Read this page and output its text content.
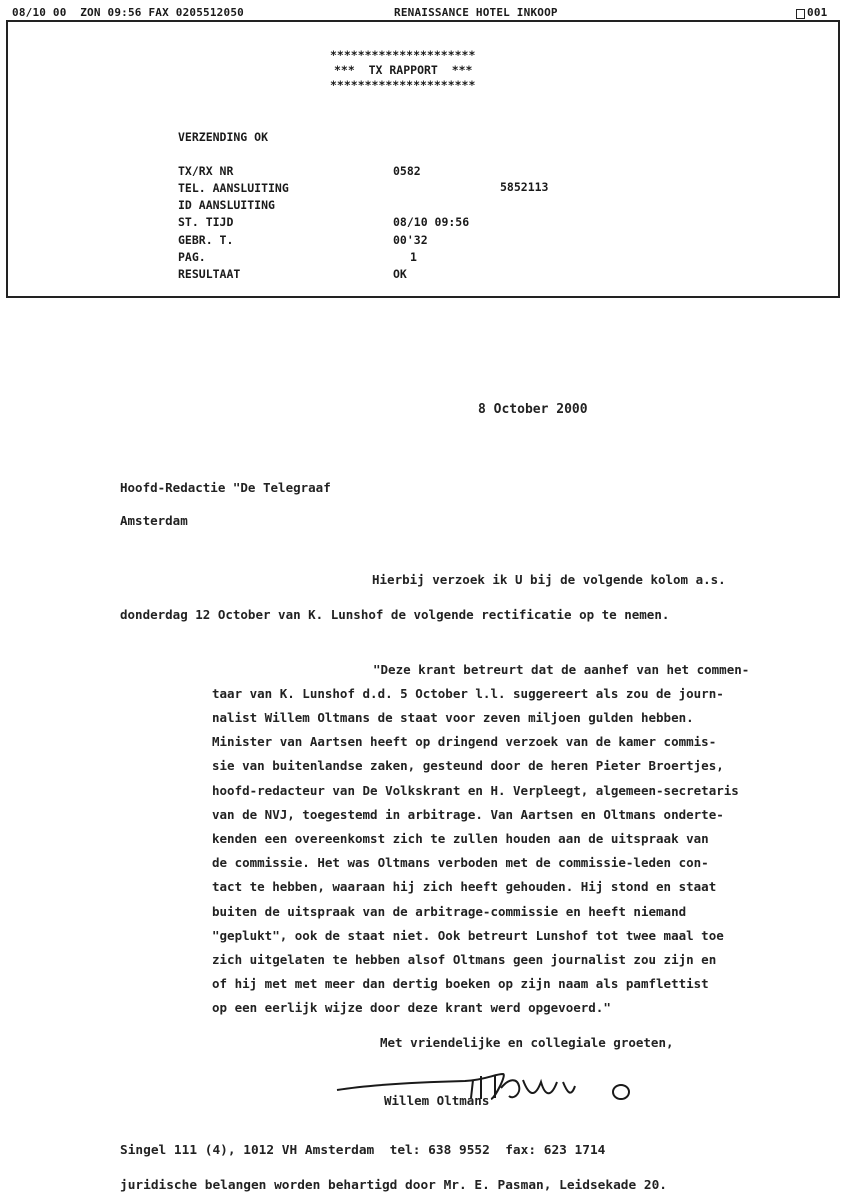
08/10 00  ZON 09:56 FAX 0205512050	RENAISSANCE HOTEL INKOOP	001
*********************
***  TX RAPPORT  ***
*********************
VERZENDING OK
TX/RX NR	0582
TEL. AANSLUITING	5852113
ID AANSLUITING
ST. TIJD	08/10 09:56
GEBR. T.	00'32
PAG.	1
RESULTAAT	OK
8 October 2000
Hoofd-Redactie "De Telegraaf
Amsterdam
Hierbij verzoek ik U bij de volgende kolom a.s.
donderdag 12 October van K. Lunshof de volgende rectificatie op te nemen.
"Deze krant betreurt dat de aanhef van het commen-
taar van K. Lunshof d.d. 5 October l.l. suggereert als zou de journ-
nalist Willem Oltmans de staat voor zeven miljoen gulden hebben.
Minister van Aartsen heeft op dringend verzoek van de kamer commis-
sie van buitenlandse zaken, gesteund door de heren Pieter Broertjes,
hoofd-redacteur van De Volkskrant en H. Verpleegt, algemeen-secretaris
van de NVJ, toegestemd in arbitrage. Van Aartsen en Oltmans onderte-
kenden een overeenkomst zich te zullen houden aan de uitspraak van
de commissie. Het was Oltmans verboden met de commissie-leden con-
tact te hebben, waaraan hij zich heeft gehouden. Hij stond en staat
buiten de uitspraak van de arbitrage-commissie en heeft niemand
"geplukt", ook de staat niet. Ook betreurt Lunshof tot twee maal toe
zich uitgelaten te hebben alsof Oltmans geen journalist zou zijn en
of hij met met meer dan dertig boeken op zijn naam als pamflettist
op een eerlijk wijze door deze krant werd opgevoerd."
Met vriendelijke en collegiale groeten,
Willem Oltmans
Singel 111 (4), 1012 VH Amsterdam  tel: 638 9552  fax: 623 1714
juridische belangen worden behartigd door Mr. E. Pasman, Leidsekade 20.
